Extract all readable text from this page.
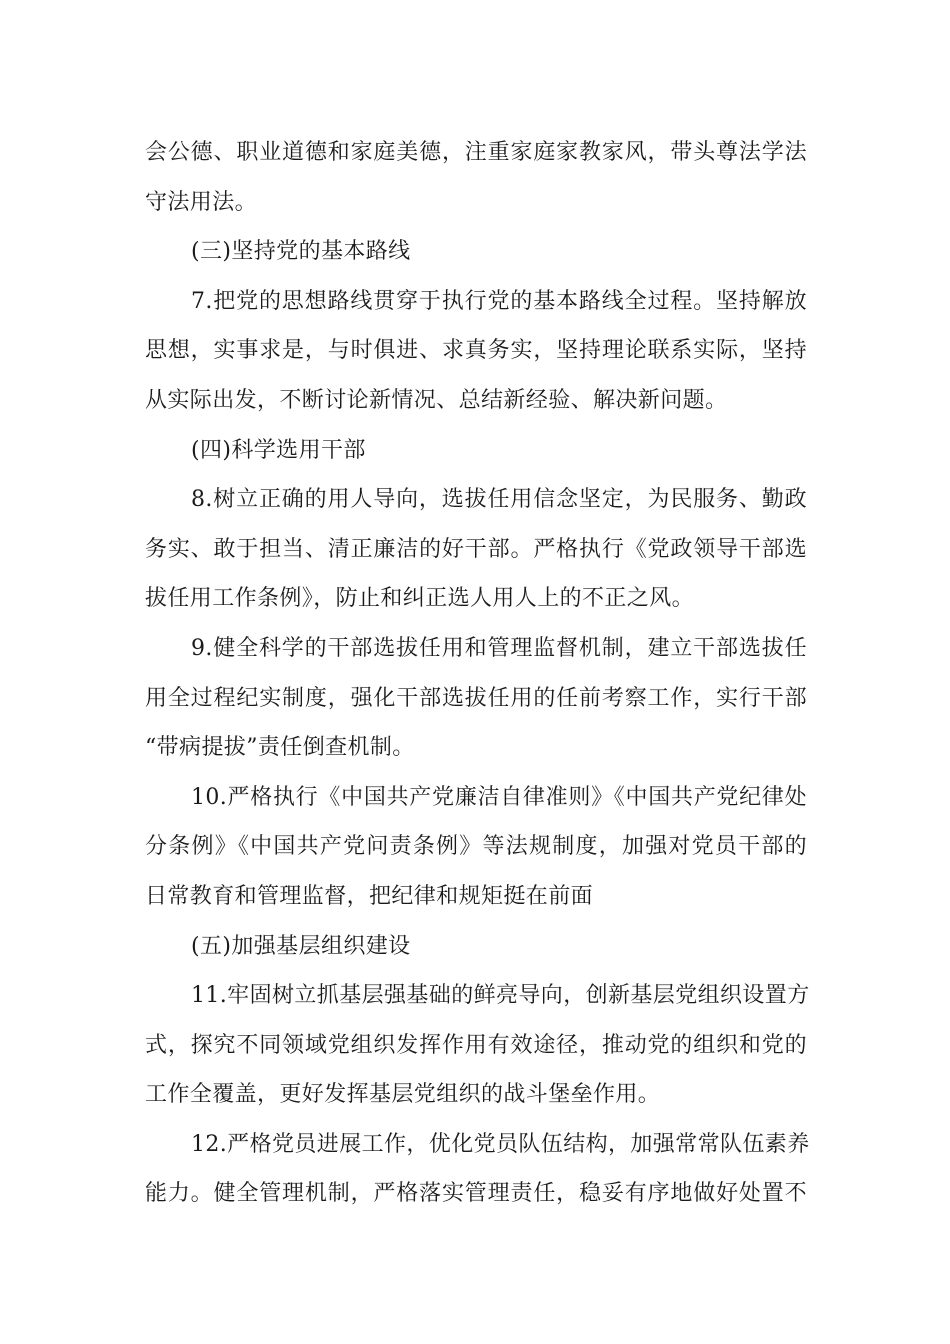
会公德、职业道德和家庭美德，注重家庭家教家风，带头尊法学法
守法用法。
(三)坚持党的基本路线
7.把党的思想路线贯穿于执行党的基本路线全过程。坚持解放
思想，实事求是，与时俱进、求真务实，坚持理论联系实际，坚持
从实际出发，不断讨论新情况、总结新经验、解决新问题。
(四)科学选用干部
8.树立正确的用人导向，选拔任用信念坚定，为民服务、勤政
务实、敢于担当、清正廉洁的好干部。严格执行《党政领导干部选
拔任用工作条例》，防止和纠正选人用人上的不正之风。
9.健全科学的干部选拔任用和管理监督机制，建立干部选拔任
用全过程纪实制度，强化干部选拔任用的任前考察工作，实行干部
“带病提拔”责任倒查机制。
10.严格执行《中国共产党廉洁自律准则》《中国共产党纪律处
分条例》《中国共产党问责条例》等法规制度，加强对党员干部的
日常教育和管理监督，把纪律和规矩挺在前面
(五)加强基层组织建设
11.牢固树立抓基层强基础的鲜亮导向，创新基层党组织设置方
式，探究不同领域党组织发挥作用有效途径，推动党的组织和党的
工作全覆盖，更好发挥基层党组织的战斗堡垒作用。
12.严格党员进展工作，优化党员队伍结构，加强常常队伍素养
能力。健全管理机制，严格落实管理责任，稳妥有序地做好处置不
